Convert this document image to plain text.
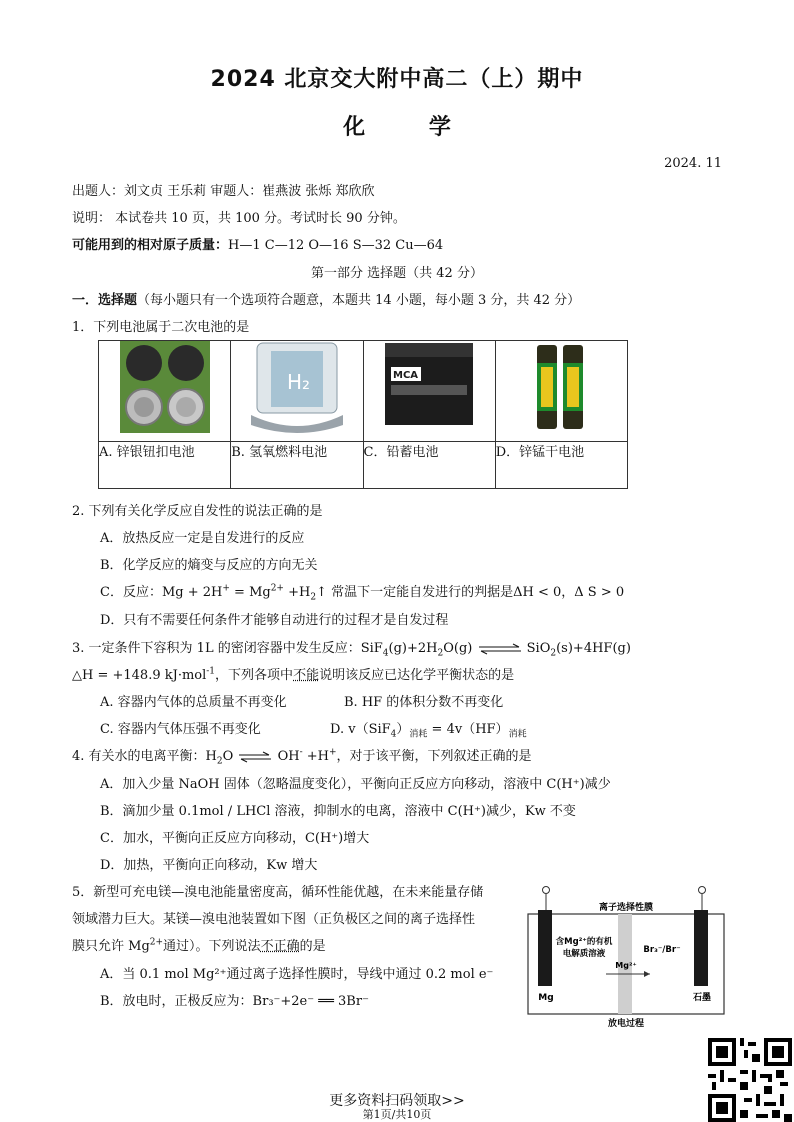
2024 北京交大附中高二（上）期中
化 学
2024. 11
出题人：刘文贞 王乐莉 审题人：崔燕波 张烁 郑欣欣
说明： 本试卷共 10 页，共 100 分。考试时长 90 分钟。
可能用到的相对原子质量：H—1 C—12 O—16 S—32 Cu—64
第一部分 选择题（共 42 分）
一．选择题（每小题只有一个选项符合题意，本题共 14 小题，每小题 3 分，共 42 分）
1．下列电池属于二次电池的是

H₂	MCA

A. 锌银钮扣电池	B. 氢氧燃料电池	C．铅蓄电池	D．锌锰干电池
2. 下列有关化学反应自发性的说法正确的是
A．放热反应一定是自发进行的反应
B．化学反应的熵变与反应的方向无关
C．反应：$Mg + 2H^+ = Mg^{2+}$ $+H_2↑$ 常温下一定能自发进行的判据是ΔH < 0，Δ S > 0
D．只有不需要任何条件才能够自动进行的过程才是自发过程
3. 一定条件下容积为 1L 的密闭容器中发生反应：$SiF_4(g)+2H_2O(g)$ ⇌ SiO$_2$(s)+4HF(g)
△H = +148.9 kJ·mol$^{-1}$，下列各项中不能说明该反应已达化学平衡状态的是
A. 容器内气体的总质量不再变化	B. HF 的体积分数不再变化
C. 容器内气体压强不再变化	D. $v(SiF_4)_{消耗} = 4v(HF)_{消耗}$
4. 有关水的电离平衡：$H_2O$ ⇌ OH- +H+，对于该平衡，下列叙述正确的是
A．加入少量 NaOH 固体（忽略温度变化），平衡向正反应方向移动，溶液中 C(H⁺)减少
B．滴加少量 0.1mol / LHCl 溶液，抑制水的电离，溶液中 C(H⁺)减少，Kw 不变
C．加水，平衡向正反应方向移动，C(H⁺)增大
D．加热，平衡向正向移动，Kw 增大
5．新型可充电镁—溴电池能量密度高，循环性能优越，在未来能量存储
领域潜力巨大。某镁—溴电池装置如下图（正负极区之间的离子选择性
膜只允许 $Mg^{2+}$通过）。下列说法不正确的是
A．当 0.1 mol Mg²⁺通过离子选择性膜时，导线中通过 0.2 mol e⁻
B．放电时，正极反应为：Br₃⁻+2e⁻ ══ 3Br⁻
离子选择性膜
含Mg²⁺的有机
电解质溶液	Br₃⁻/Br⁻
Mg²⁺
Mg	石墨
放电过程
更多资料扫码领取>>
第1页/共10页
